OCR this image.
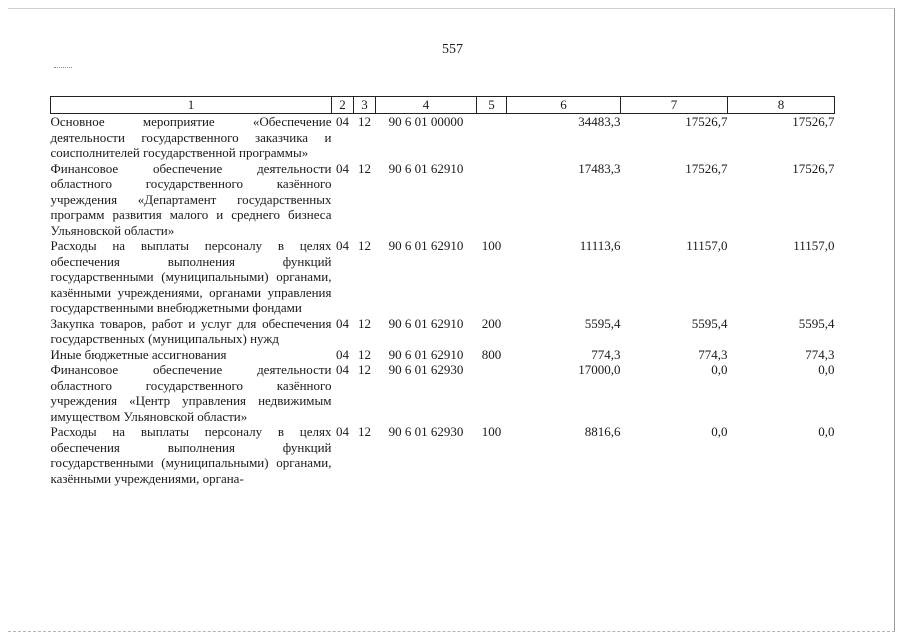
557
1	2	3	4	5	6	7	8
Основное мероприятие «Обеспечение деятельности государственного заказчика и соисполнителей государственной программы»	04	12	90 6 01 00000		34483,3	17526,7	17526,7
Финансовое обеспечение деятельности областного государственного казённого учреждения «Департамент государственных программ развития малого и среднего бизнеса Ульяновской области»	04	12	90 6 01 62910		17483,3	17526,7	17526,7
Расходы на выплаты персоналу в целях обеспечения выполнения функций государственными (муниципальными) органами, казёнными учреждениями, органами управления государственными внебюджетными фондами	04	12	90 6 01 62910	100	11113,6	11157,0	11157,0
Закупка товаров, работ и услуг для обеспечения государственных (муниципальных) нужд	04	12	90 6 01 62910	200	5595,4	5595,4	5595,4
Иные бюджетные ассигнования	04	12	90 6 01 62910	800	774,3	774,3	774,3
Финансовое обеспечение деятельности областного государственного казённого учреждения «Центр управления недвижимым имуществом Ульяновской области»	04	12	90 6 01 62930		17000,0	0,0	0,0
Расходы на выплаты персоналу в целях обеспечения выполнения функций государственными (муниципальными) органами, казёнными учреждениями, органа-	04	12	90 6 01 62930	100	8816,6	0,0	0,0
